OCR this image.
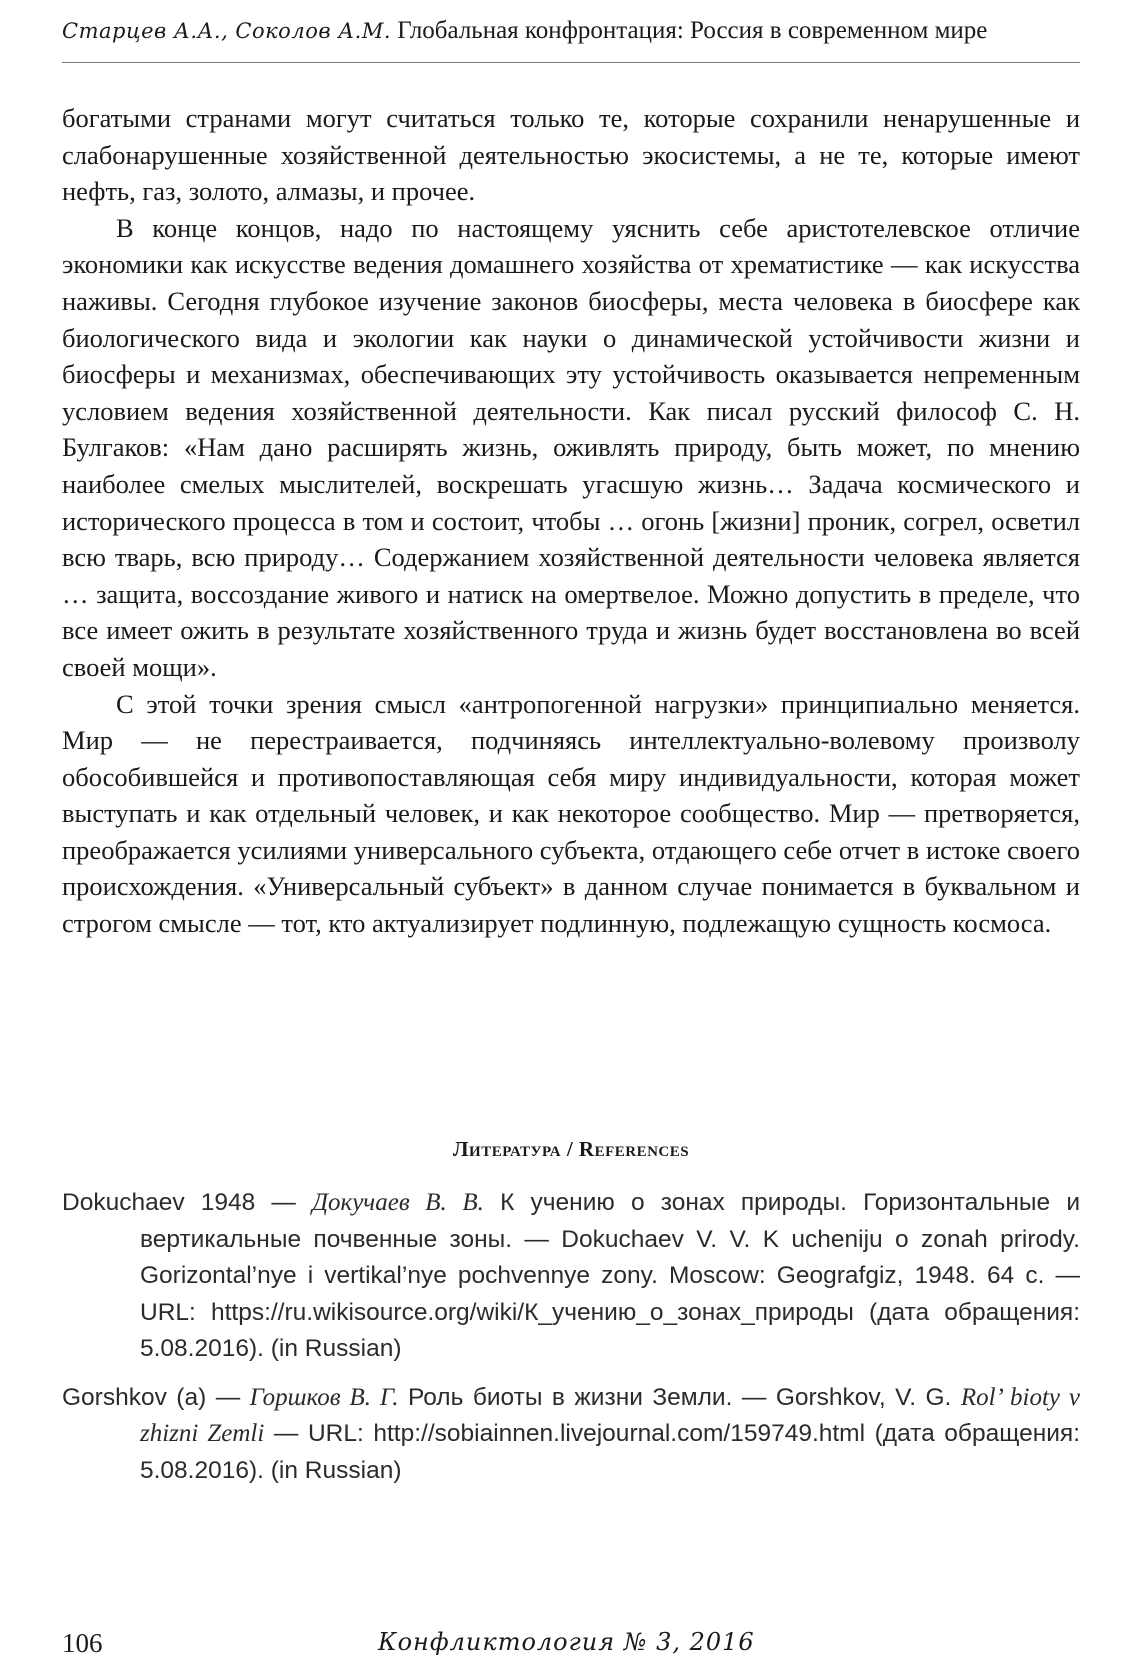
Старцев А.А., Соколов А.М. Глобальная конфронтация: Россия в современном мире

богатыми странами могут считаться только те, которые сохранили ненарушенные и слабонарушенные хозяйственной деятельностью экосистемы, а не те, которые имеют нефть, газ, золото, алмазы, и прочее.

В конце концов, надо по настоящему уяснить себе аристотелевское отличие экономики как искусстве ведения домашнего хозяйства от хрематистике — как искусства наживы. Сегодня глубокое изучение законов биосферы, места человека в биосфере как биологического вида и экологии как науки о динамической устойчивости жизни и биосферы и механизмах, обеспечивающих эту устойчивость оказывается непременным условием ведения хозяйственной деятельности. Как писал русский философ С. Н. Булгаков: «Нам дано расширять жизнь, оживлять природу, быть может, по мнению наиболее смелых мыслителей, воскрешать угасшую жизнь… Задача космического и исторического процесса в том и состоит, чтобы … огонь [жизни] проник, согрел, осветил всю тварь, всю природу… Содержанием хозяйственной деятельности человека является … защита, воссоздание живого и натиск на омертвелое. Можно допустить в пределе, что все имеет ожить в результате хозяйственного труда и жизнь будет восстановлена во всей своей мощи».

С этой точки зрения смысл «антропогенной нагрузки» принципиально меняется. Мир — не перестраивается, подчиняясь интеллектуально-волевому произволу обособившейся и противопоставляющая себя миру индивидуальности, которая может выступать и как отдельный человек, и как некоторое сообщество. Мир — претворяется, преображается усилиями универсального субъекта, отдающего себе отчет в истоке своего происхождения. «Универсальный субъект» в данном случае понимается в буквальном и строгом смысле — тот, кто актуализирует подлинную, подлежащую сущность космоса.

Литература / References

Dokuchaev 1948 — Докучаев В. В. К учению о зонах природы. Горизонтальные и вертикальные почвенные зоны. — Dokuchaev V. V. K ucheniju o zonah prirody. Gorizontal’nye i vertikal’nye pochvennye zony. Moscow: Geografgiz, 1948. 64 с. — URL: https://ru.wikisource.org/wiki/К_учению_о_зонах_природы (дата обращения: 5.08.2016). (in Russian)

Gorshkov (a) — Горшков В. Г. Роль биоты в жизни Земли. — Gorshkov, V. G. Rol’ bioty v zhizni Zemli — URL: http://sobiainnen.livejournal.com/159749.html (дата обращения: 5.08.2016). (in Russian)

106	Конфликтология № 3, 2016
